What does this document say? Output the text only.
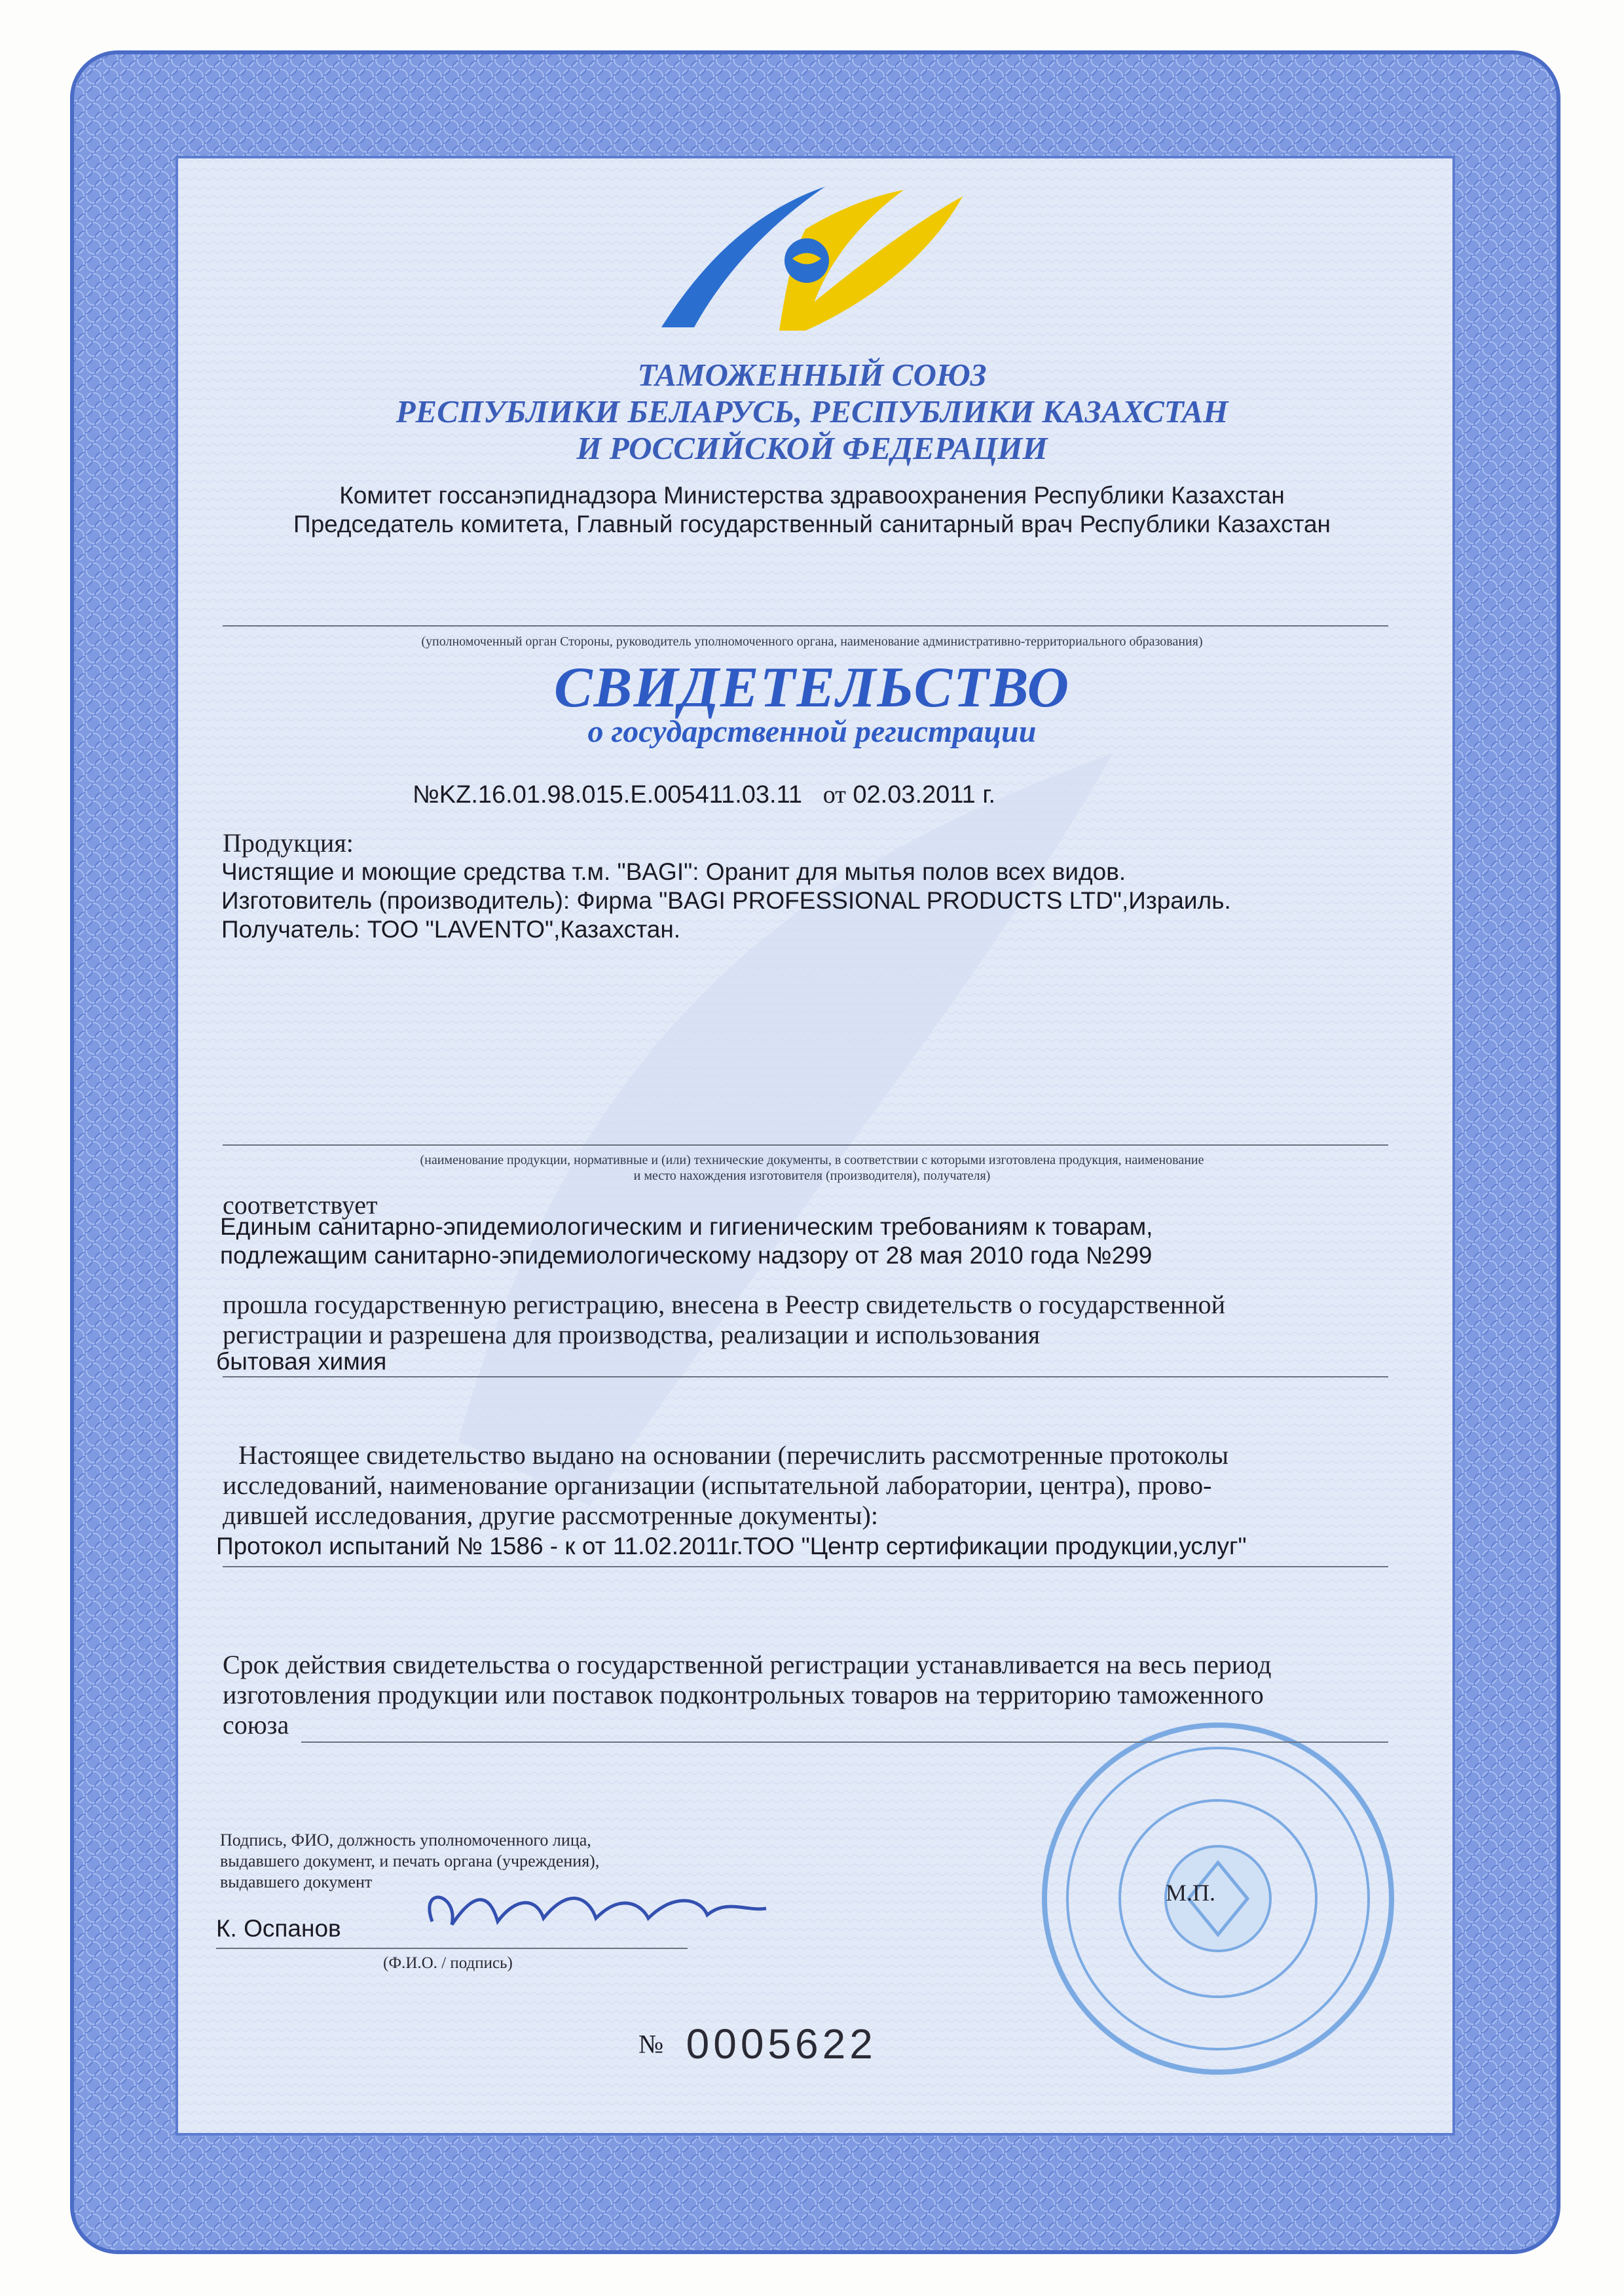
ТАМОЖЕННЫЙ СОЮЗ
РЕСПУБЛИКИ БЕЛАРУСЬ, РЕСПУБЛИКИ КАЗАХСТАН
И РОССИЙСКОЙ ФЕДЕРАЦИИ
Комитет госсанэпиднадзора Министерства здравоохранения Республики Казахстан
Председатель комитета, Главный государственный санитарный врач Республики Казахстан
(уполномоченный орган Стороны, руководитель уполномоченного органа, наименование административно-территориального образования)
СВИДЕТЕЛЬСТВО
о государственной регистрации
№KZ.16.01.98.015.E.005411.03.11 от 02.03.2011 г.
Продукция:
Чистящие и моющие средства т.м. "BAGI": Оранит для мытья полов всех видов.
Изготовитель (производитель): Фирма "BAGI PROFESSIONAL PRODUCTS LTD",Израиль.
Получатель: ТОО "LAVENTO",Казахстан.
(наименование продукции, нормативные и (или) технические документы, в соответствии с которыми изготовлена продукция, наименование
и место нахождения изготовителя (производителя), получателя)
соответствует
Единым санитарно-эпидемиологическим и гигиеническим требованиям к товарам,
подлежащим санитарно-эпидемиологическому надзору от 28 мая 2010 года №299
прошла государственную регистрацию, внесена в Реестр свидетельств о государственной
регистрации и разрешена для производства, реализации и использования
бытовая химия
Настоящее свидетельство выдано на основании (перечислить рассмотренные протоколы
исследований, наименование организации (испытательной лаборатории, центра), прово-
дившей исследования, другие рассмотренные документы):
Протокол испытаний № 1586 - к от 11.02.2011г.ТОО "Центр сертификации продукции,услуг"
Срок действия свидетельства о государственной регистрации устанавливается на весь период
изготовления продукции или поставок подконтрольных товаров на территорию таможенного
союза
Подпись, ФИО, должность уполномоченного лица,
выдавшего документ, и печать органа (учреждения),
выдавшего документ
К. Оспанов
(Ф.И.О. / подпись)
М.П.
№ 0005622
